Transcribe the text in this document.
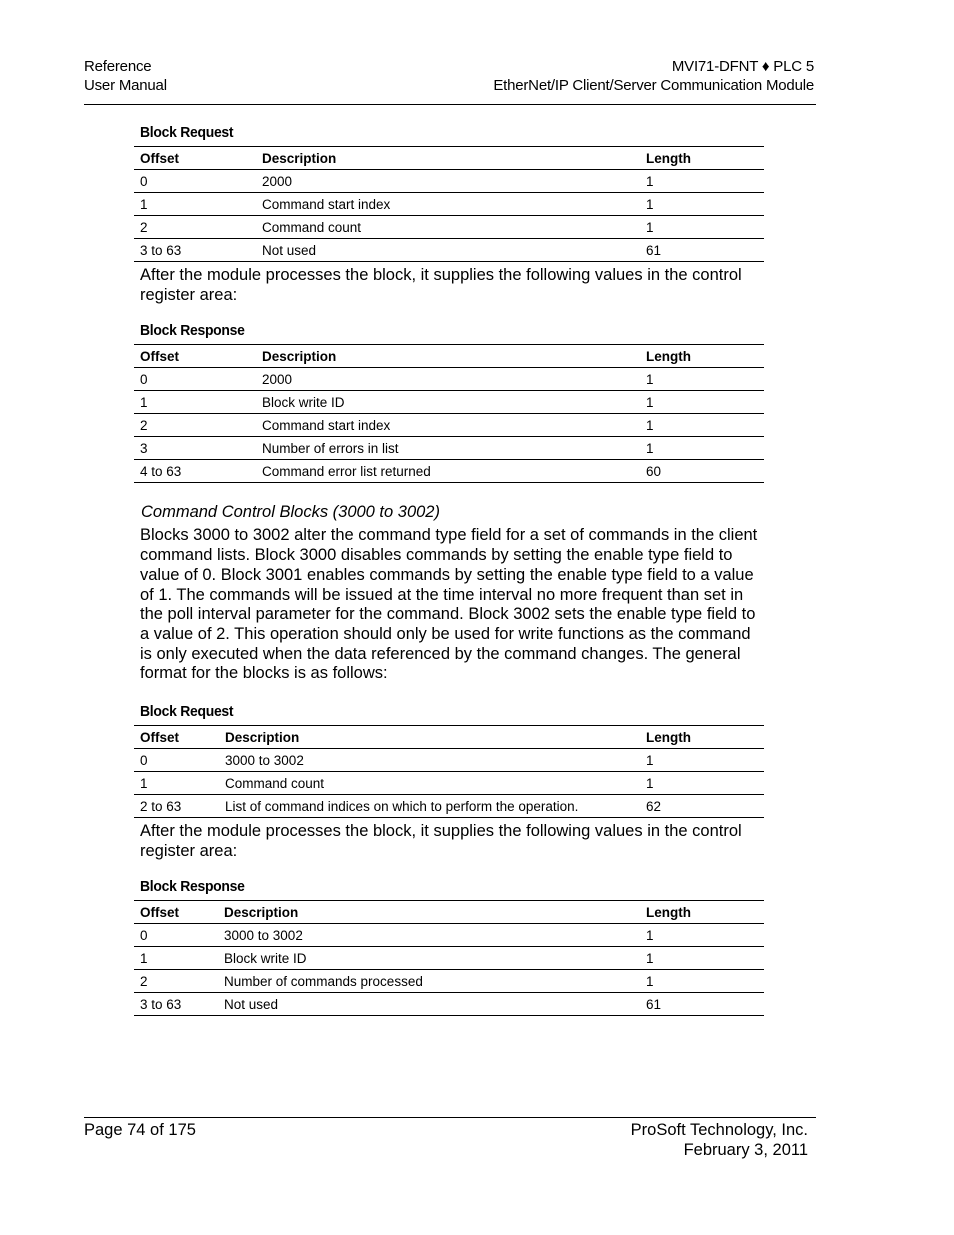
Reference
User Manual
MVI71-DFNT ♦ PLC 5
EtherNet/IP Client/Server Communication Module
Block Request
Offset	Description	Length
0	2000	1
1	Command start index	1
2	Command count	1
3 to 63	Not used	61

After the module processes the block, it supplies the following values in the control register area:

Block Response
Offset	Description	Length
0	2000	1
1	Block write ID	1
2	Command start index	1
3	Number of errors in list	1
4 to 63	Command error list returned	60
Command Control Blocks (3000 to 3002)

Blocks 3000 to 3002 alter the command type field for a set of commands in the client command lists. Block 3000 disables commands by setting the enable type field to value of 0. Block 3001 enables commands by setting the enable type field to a value of 1. The commands will be issued at the time interval no more frequent than set in the poll interval parameter for the command. Block 3002 sets the enable type field to a value of 2. This operation should only be used for write functions as the command is only executed when the data referenced by the command changes. The general format for the blocks is as follows:

Block Request
Offset	Description	Length
0	3000 to 3002	1
1	Command count	1
2 to 63	List of command indices on which to perform the operation.	62

After the module processes the block, it supplies the following values in the control register area:

Block Response
Offset	Description	Length
0	3000 to 3002	1
1	Block write ID	1
2	Number of commands processed	1
3 to 63	Not used	61
Page 74 of 175	ProSoft Technology, Inc.
February 3, 2011
